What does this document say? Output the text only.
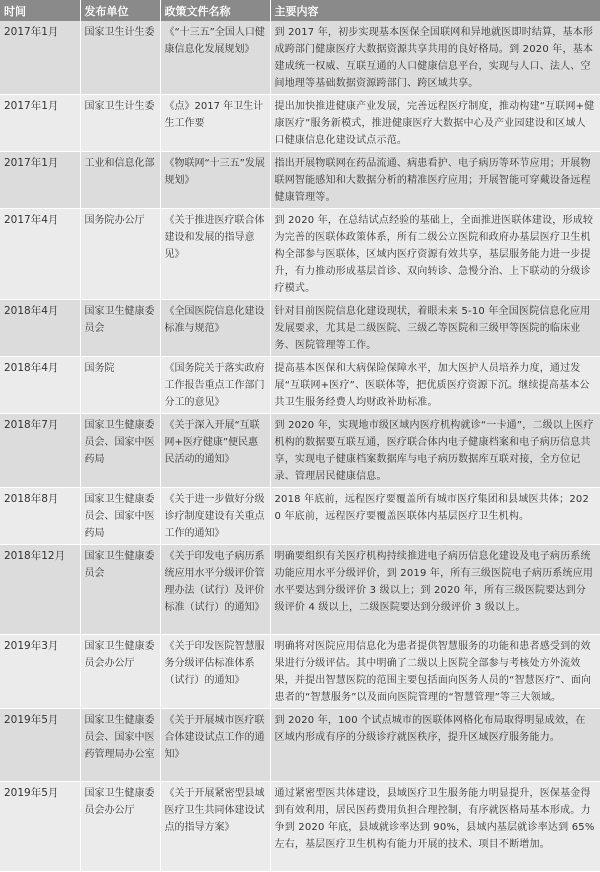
时间	发布单位	政策文件名称	主要内容
2017年1月	国家卫生计生委	《“十三五”全国人口健康信息化发展规划》	到 2017 年，初步实现基本医保全国联网和异地就医即时结算，基本形成跨部门健康医疗大数据资源共享共用的良好格局。到 2020 年，基本建成统一权威、互联互通的人口健康信息平台，实现与人口、法人、空间地理等基础数据资源跨部门、跨区域共享。
2017年1月	国家卫生计生委	《点》2017 年卫生计生工作要	提出加快推进健康产业发展，完善远程医疗制度，推动构建“互联网+健康医疗”服务新模式，推进健康医疗大数据中心及产业园建设和区域人口健康信息化建设试点示范。
2017年1月	工业和信息化部	《物联网“十三五”发展规划》	指出开展物联网在药品流通、病患看护、电子病历等环节应用；开展物联网智能感知和大数据分析的精准医疗应用；开展智能可穿戴设备远程健康管理等。
2017年4月	国务院办公厅	《关于推进医疗联合体建设和发展的指导意见》	到 2020 年，在总结试点经验的基础上，全面推进医联体建设，形成较为完善的医联体政策体系，所有二级公立医院和政府办基层医疗卫生机构全部参与医联体，区域内医疗资源有效共享，基层服务能力进一步提升，有力推动形成基层首诊、双向转诊、急慢分治、上下联动的分级诊疗模式。
2018年4月	国家卫生健康委员会	《全国医院信息化建设标准与规范》	针对目前医院信息化建设现状，着眼未来 5-10 年全国医院信息化应用发展要求，尤其是二级医院、三级乙等医院和三级甲等医院的临床业务、医院管理等工作。
2018年4月	国务院	《国务院关于落实政府工作报告重点工作部门分工的意见》	提高基本医保和大病保险保障水平，加大医护人员培养力度，通过发展“互联网+医疗”、医联体等，把优质医疗资源下沉。继续提高基本公共卫生服务经费人均财政补助标准。
2018年7月	国家卫生健康委员会、国家中医药局	《关于深入开展“互联网+医疗健康”便民惠民活动的通知》	到 2020 年，实现地市级区域内医疗机构就诊“一卡通”，二级以上医疗机构的数据要互联互通，医疗联合体内电子健康档案和电子病历信息共享，实现电子健康档案数据库与电子病历数据库互联对接，全方位记录、管理居民健康信息。
2018年8月	国家卫生健康委员会、国家中医药局	《关于进一步做好分级诊疗制度建设有关重点工作的通知》	2018 年底前，远程医疗要覆盖所有城市医疗集团和县域医共体；2020 年底前，远程医疗要覆盖医联体内基层医疗卫生机构。
2018年12月	国家卫生健康委员会	《关于印发电子病历系统应用水平分级评价管理办法（试行）及评价标准（试行）的通知》	明确要组织有关医疗机构持续推进电子病历信息化建设及电子病历系统功能应用水平分级评价，到 2019 年，所有三级医院电子病历系统应用水平要达到分级评价 3 级以上；到 2020 年，所有三级医院要达到分级评价 4 级以上，二级医院要达到分级评价 3 级以上。
2019年3月	国家卫生健康委员会办公厅	《关于印发医院智慧服务分级评估标准体系（试行）的通知》	明确将对医院应用信息化为患者提供智慧服务的功能和患者感受到的效果进行分级评估。其中明确了二级以上医院全部参与考核处方外流效果，并提出智慧医院的范围主要包括面向医务人员的“智慧医疗”、面向患者的“智慧服务”以及面向医院管理的“智慧管理”等三大领域。
2019年5月	国家卫生健康委员会、国家中医药管理局办公室	《关于开展城市医疗联合体建设试点工作的通知》	到 2020 年，100 个试点城市的医联体网格化布局取得明显成效，在区域内形成有序的分级诊疗就医秩序，提升区域医疗服务能力。
2019年5月	国家卫生健康委员会办公厅	《关于开展紧密型县域医疗卫生共同体建设试点的指导方案》	通过紧密型医共体建设，县域医疗卫生服务能力明显提升，医保基金得到有效利用，居民医药费用负担合理控制，有序就医格局基本形成。力争到 2020 年底，县域就诊率达到 90%，县域内基层就诊率达到 65%左右，基层医疗卫生机构有能力开展的技术、项目不断增加。
